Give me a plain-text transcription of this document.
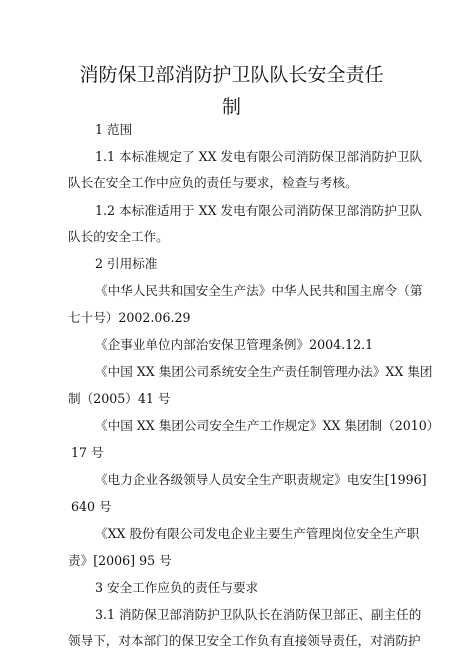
消防保卫部消防护卫队队长安全责任
制

1 范围

1.1 本标准规定了 XX 发电有限公司消防保卫部消防护卫队

队长在安全工作中应负的责任与要求，检查与考核。

1.2 本标准适用于 XX 发电有限公司消防保卫部消防护卫队

队长的安全工作。

2 引用标准

《中华人民共和国安全生产法》中华人民共和国主席令（第

七十号）2002.06.29

《企事业单位内部治安保卫管理条例》2004.12.1

《中国 XX 集团公司系统安全生产责任制管理办法》XX 集团

制（2005）41 号

《中国 XX 集团公司安全生产工作规定》XX 集团制（2010）

17 号

《电力企业各级领导人员安全生产职责规定》电安生[1996]

640 号

《XX 股份有限公司发电企业主要生产管理岗位安全生产职

责》[2006] 95 号

3 安全工作应负的责任与要求

3.1 消防保卫部消防护卫队队长在消防保卫部正、副主任的

领导下，对本部门的保卫安全工作负有直接领导责任，对消防护
